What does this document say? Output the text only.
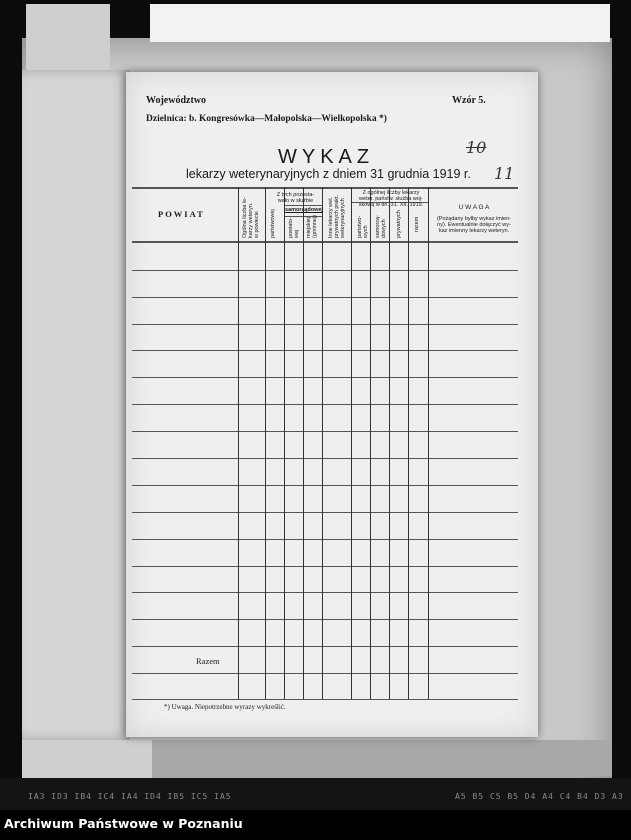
Województwo	Wzór 5.
Dzielnica: b. Kongresówka—Małopolska—Wielkopolska *)
WYKAZ
lekarzy weterynaryjnych z dniem 31 grudnia 1919 r.
10
11
POWIAT
Ogólna liczba le-
karzy weteryn.
w powiecie
Z tych pozosta-
wało w służbie
państwowej samorządowej
powiato-
wej miejskiej
(gminnej) Inne lekarzy wet.
prywatnych prakt.
weterynaryjnych
Z ogólnej liczby lekarzy
weter. państw. służba woj-
skową w dn. 31. XII. 1919.
państwo-
wych samorzą-
dowych prywatnych razem
U W A G A
(Pożądany byłby wykaz imien-
ny). Ewentualnie dołączyć wy-
kaz imienny lekarzy weteryn.
Razem
*) Uwaga. Niepotrzebne wyrazy wykreślić.
IA3 ID3 IB4 IC4 IA4 ID4 IB5 IC5 IA5	A5 B5 C5 B5 D4 A4 C4 B4 D3 A3
Archiwum Państwowe w Poznaniu
